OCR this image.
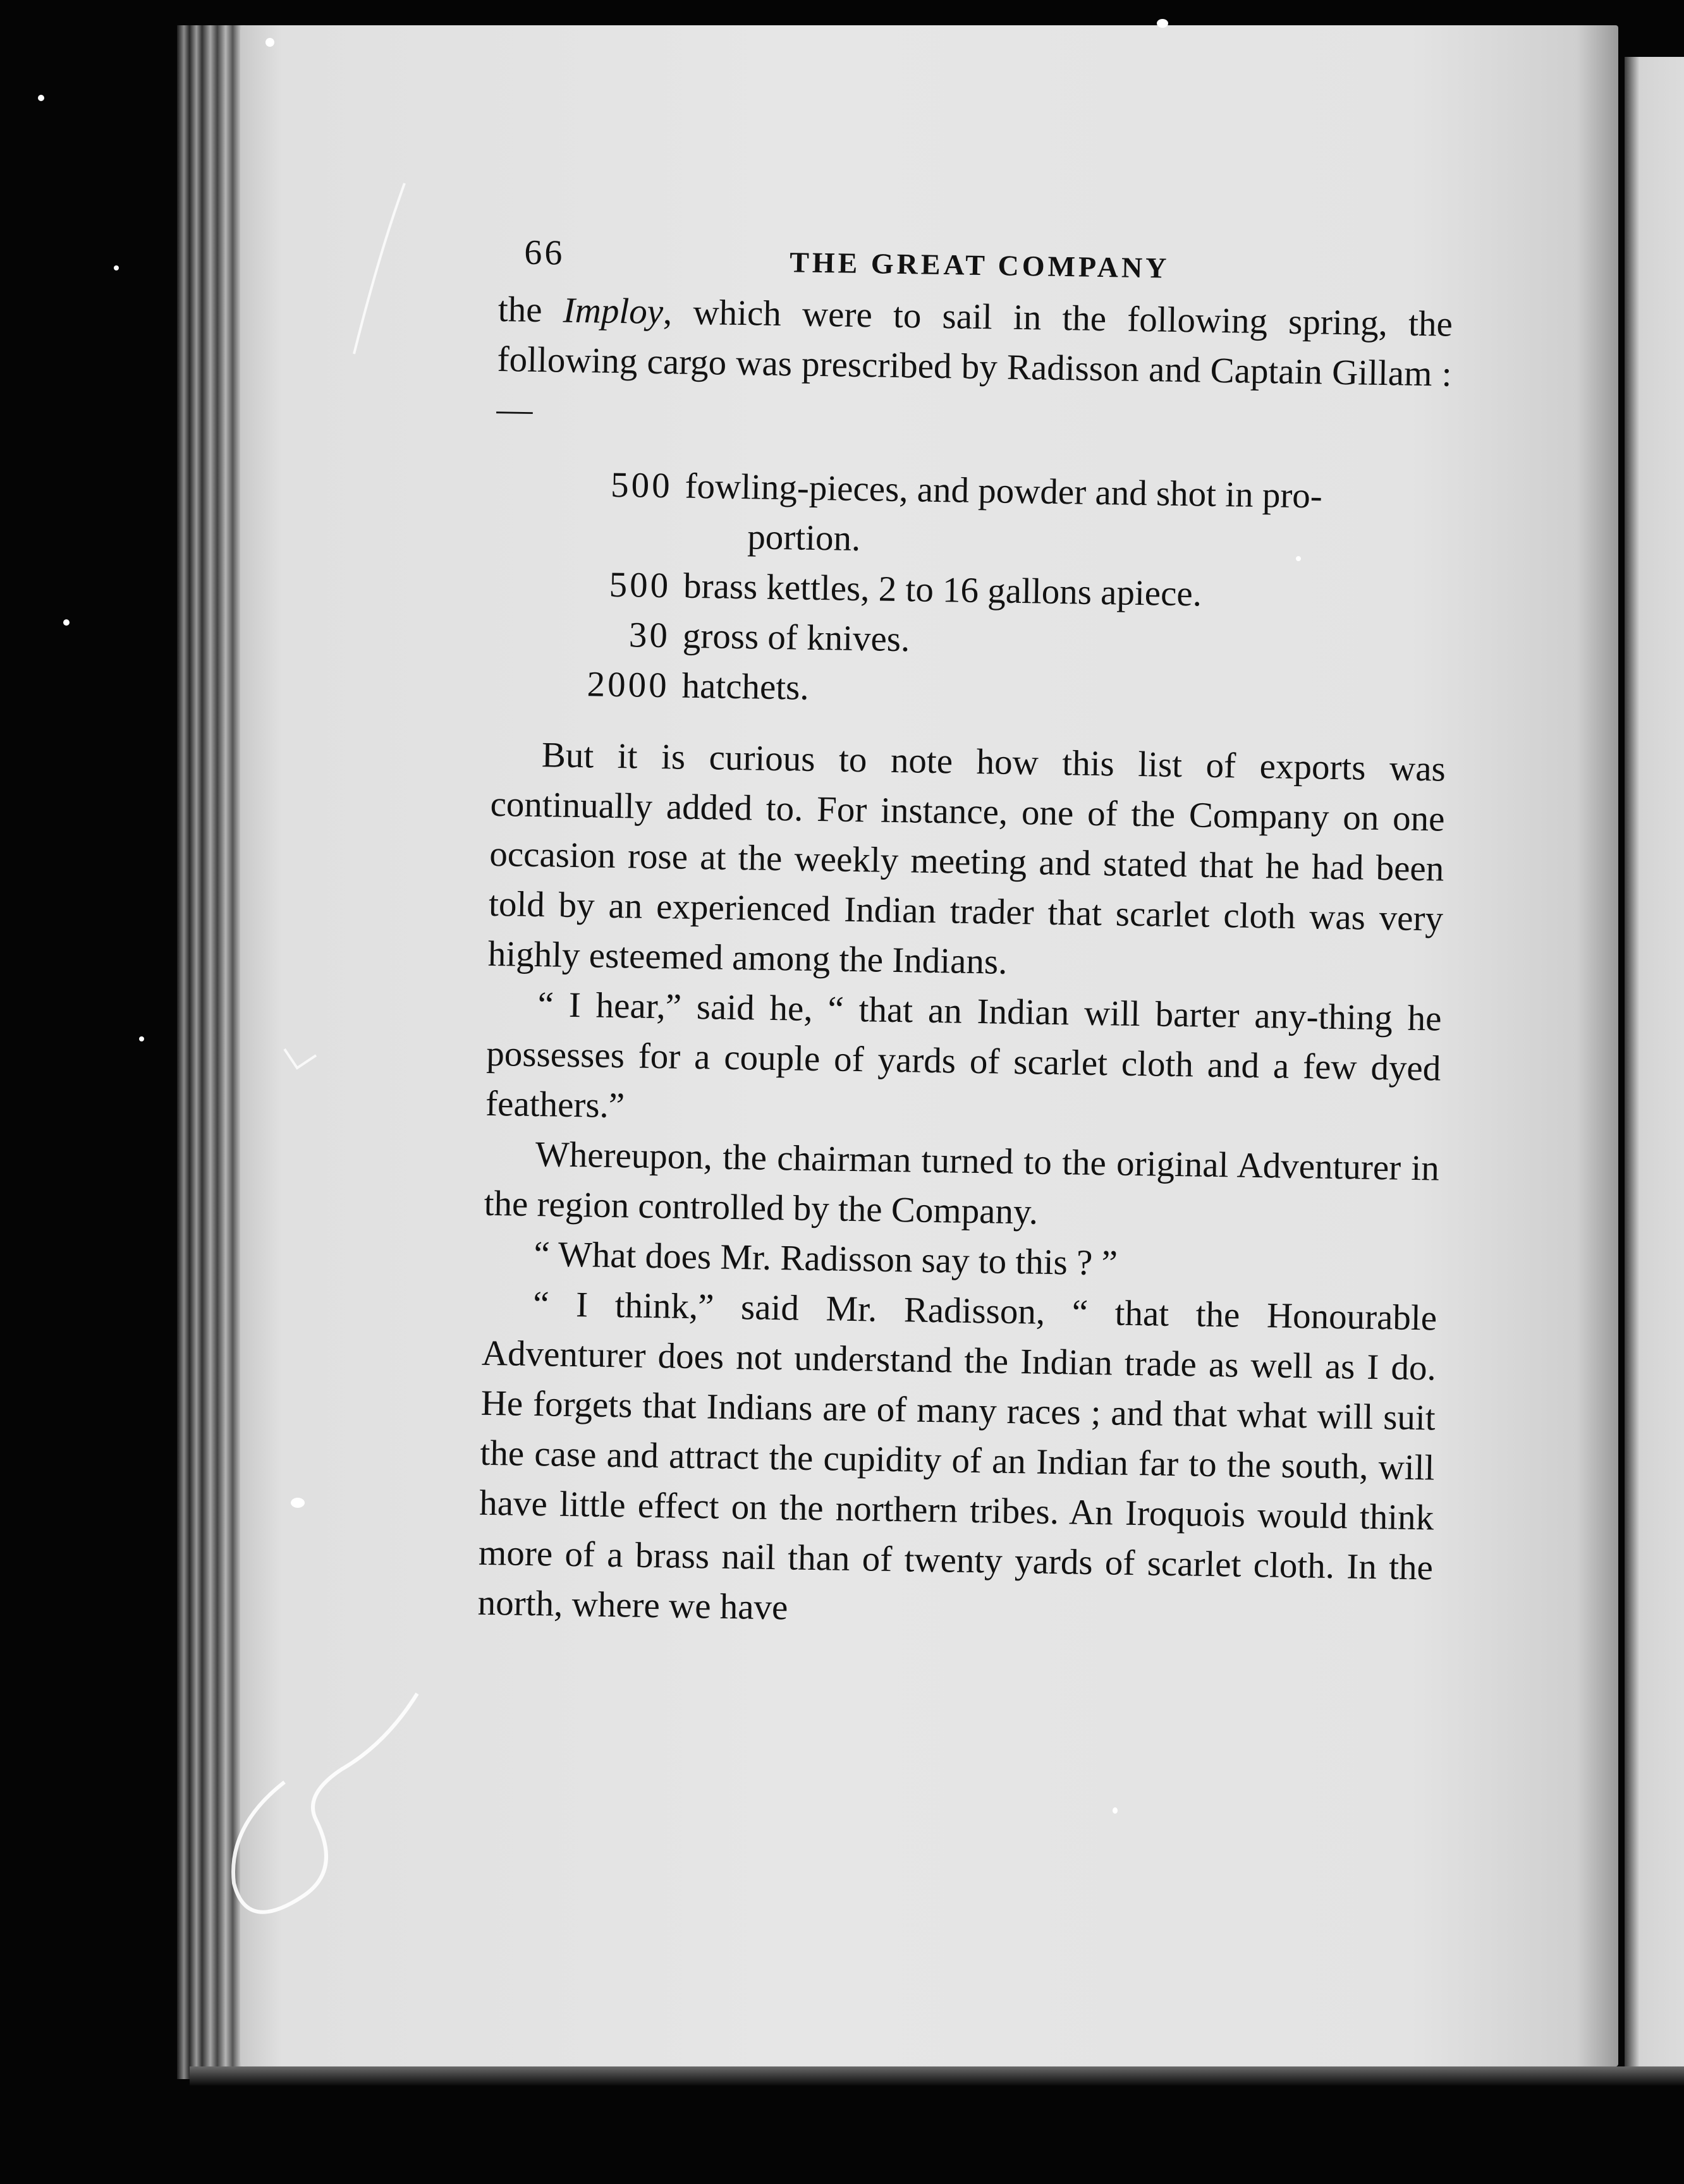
66	THE GREAT COMPANY

the Imploy, which were to sail in the following spring, the following cargo was prescribed by Radisson and Captain Gillam :—

500 fowling-pieces, and powder and shot in pro-
portion.
500 brass kettles, 2 to 16 gallons apiece.
30 gross of knives.
2000 hatchets.

But it is curious to note how this list of exports was continually added to. For instance, one of the Company on one occasion rose at the weekly meeting and stated that he had been told by an experienced Indian trader that scarlet cloth was very highly esteemed among the Indians.

“ I hear,” said he, “ that an Indian will barter any-thing he possesses for a couple of yards of scarlet cloth and a few dyed feathers.”

Whereupon, the chairman turned to the original Adventurer in the region controlled by the Company.

“ What does Mr. Radisson say to this ? ”

“ I think,” said Mr. Radisson, “ that the Honourable Adventurer does not understand the Indian trade as well as I do. He forgets that Indians are of many races ; and that what will suit the case and attract the cupidity of an Indian far to the south, will have little effect on the northern tribes. An Iroquois would think more of a brass nail than of twenty yards of scarlet cloth. In the north, where we have
